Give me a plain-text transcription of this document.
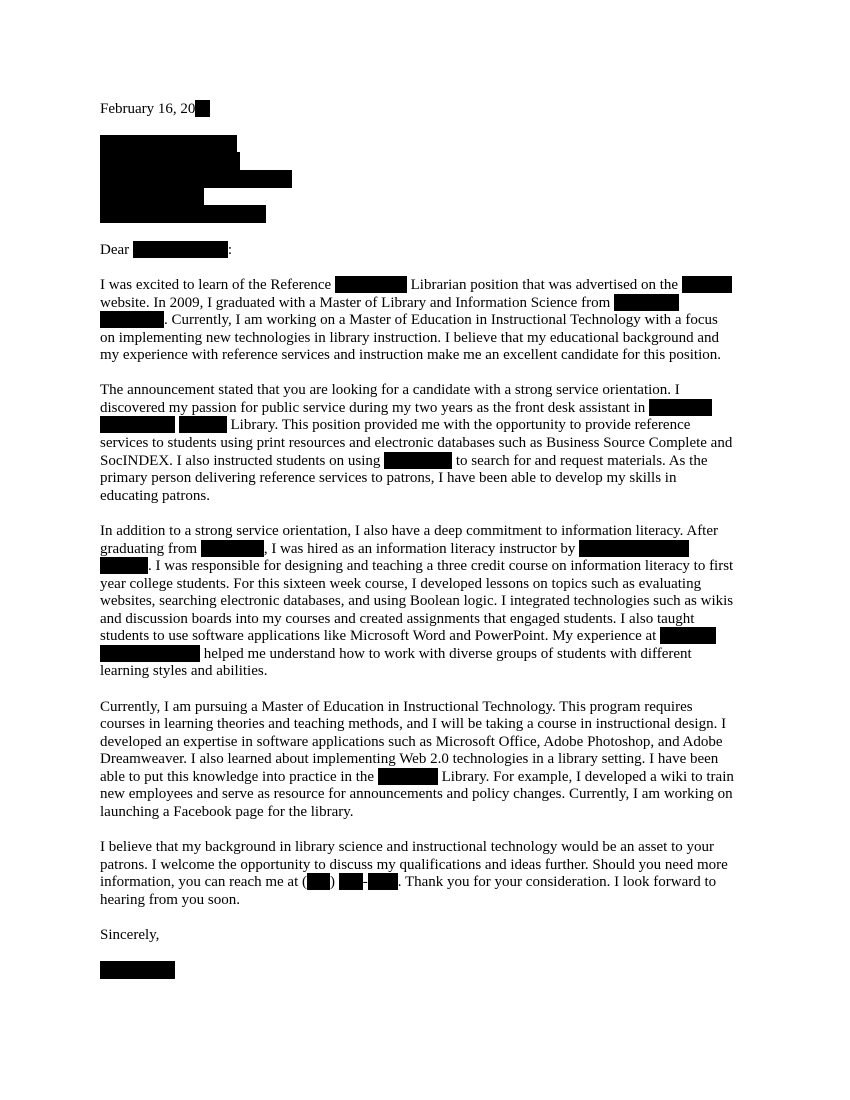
February 16, 20
Dear	:
I was excited to learn of the Reference	Librarian position that was advertised on the
website. In 2009, I graduated with a Master of Library and Information Science from
. Currently, I am working on a Master of Education in Instructional Technology with a focus
on implementing new technologies in library instruction. I believe that my educational background and
my experience with reference services and instruction make me an excellent candidate for this position.
The announcement stated that you are looking for a candidate with a strong service orientation. I
discovered my passion for public service during my two years as the front desk assistant in
Library. This position provided me with the opportunity to provide reference
services to students using print resources and electronic databases such as Business Source Complete and
SocINDEX. I also instructed students on using	to search for and request materials. As the
primary person delivering reference services to patrons, I have been able to develop my skills in
educating patrons.
In addition to a strong service orientation, I also have a deep commitment to information literacy. After
graduating from	, I was hired as an information literacy instructor by
. I was responsible for designing and teaching a three credit course on information literacy to first
year college students. For this sixteen week course, I developed lessons on topics such as evaluating
websites, searching electronic databases, and using Boolean logic. I integrated technologies such as wikis
and discussion boards into my courses and created assignments that engaged students. I also taught
students to use software applications like Microsoft Word and PowerPoint. My experience at
helped me understand how to work with diverse groups of students with different
learning styles and abilities.
Currently, I am pursuing a Master of Education in Instructional Technology. This program requires
courses in learning theories and teaching methods, and I will be taking a course in instructional design. I
developed an expertise in software applications such as Microsoft Office, Adobe Photoshop, and Adobe
Dreamweaver. I also learned about implementing Web 2.0 technologies in a library setting. I have been
able to put this knowledge into practice in the	Library. For example, I developed a wiki to train
new employees and serve as resource for announcements and policy changes. Currently, I am working on
launching a Facebook page for the library.
I believe that my background in library science and instructional technology would be an asset to your
patrons. I welcome the opportunity to discuss my qualifications and ideas further. Should you need more
information, you can reach me at ( ) - . Thank you for your consideration. I look forward to
hearing from you soon.
Sincerely,
